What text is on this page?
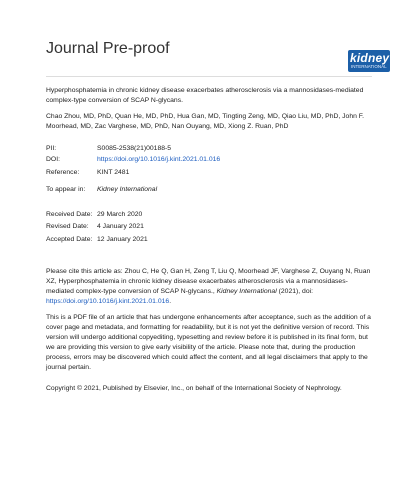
Journal Pre-proof
kidney
INTERNATIONAL
Hyperphosphatemia in chronic kidney disease exacerbates atherosclerosis via a mannosidases-mediated complex-type conversion of SCAP N-glycans.
Chao Zhou, MD, PhD, Quan He, MD, PhD, Hua Gan, MD, Tingting Zeng, MD, Qiao Liu, MD, PhD, John F. Moorhead, MD, Zac Varghese, MD, PhD, Nan Ouyang, MD, Xiong Z. Ruan, PhD
PII:	S0085-2538(21)00188-5
DOI:	https://doi.org/10.1016/j.kint.2021.01.016
Reference:	KINT 2481
To appear in: Kidney International
Received Date: 29 March 2020
Revised Date: 4 January 2021
Accepted Date: 12 January 2021
Please cite this article as: Zhou C, He Q, Gan H, Zeng T, Liu Q, Moorhead JF, Varghese Z, Ouyang N, Ruan XZ, Hyperphosphatemia in chronic kidney disease exacerbates atherosclerosis via a mannosidases-mediated complex-type conversion of SCAP N-glycans., Kidney International (2021), doi: https://doi.org/10.1016/j.kint.2021.01.016.
This is a PDF file of an article that has undergone enhancements after acceptance, such as the addition of a cover page and metadata, and formatting for readability, but it is not yet the definitive version of record. This version will undergo additional copyediting, typesetting and review before it is published in its final form, but we are providing this version to give early visibility of the article. Please note that, during the production process, errors may be discovered which could affect the content, and all legal disclaimers that apply to the journal pertain.
Copyright © 2021, Published by Elsevier, Inc., on behalf of the International Society of Nephrology.
